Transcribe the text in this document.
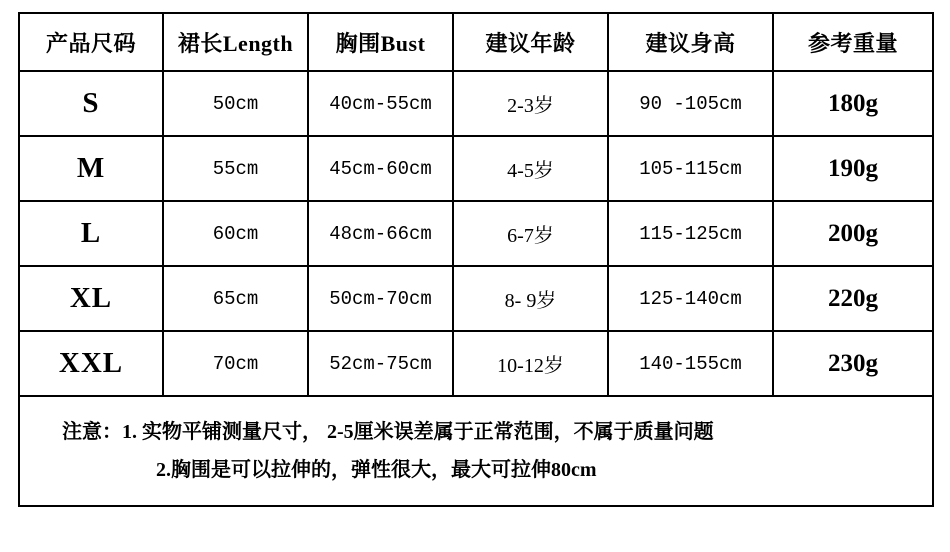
产品尺码	裙长Length	胸围Bust	建议年龄	建议身高	参考重量
S	50cm	40cm-55cm	2-3岁	90 -105cm	180g
M	55cm	45cm-60cm	4-5岁	105-115cm	190g
L	60cm	48cm-66cm	6-7岁	115-125cm	200g
XL	65cm	50cm-70cm	8- 9岁	125-140cm	220g
XXL	70cm	52cm-75cm	10-12岁	140-155cm	230g

注意：1. 实物平铺测量尺寸， 2-5厘米误差属于正常范围，不属于质量问题
2.胸围是可以拉伸的，弹性很大，最大可拉伸80cm					
